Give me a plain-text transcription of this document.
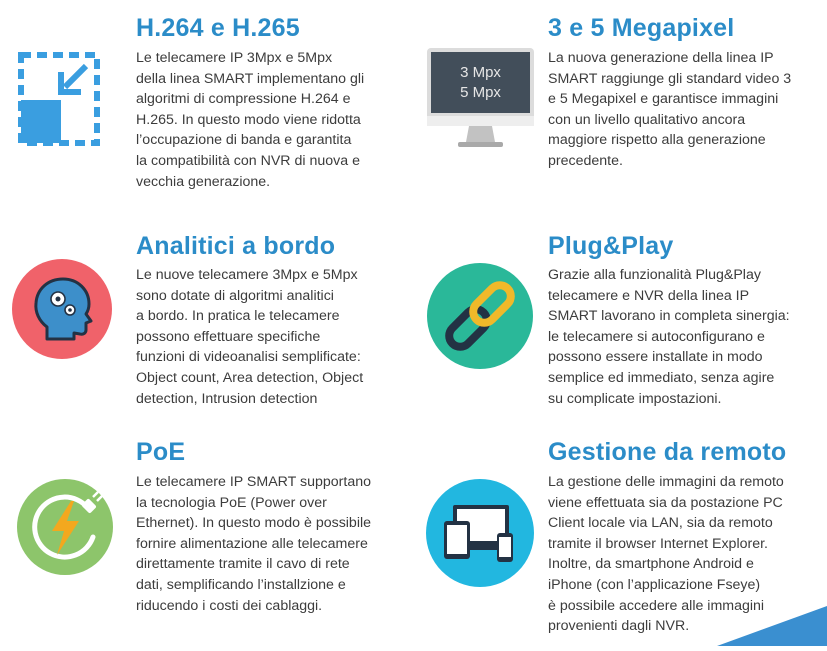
H.264 e H.265

Le telecamere IP 3Mpx e 5Mpx
della linea SMART implementano gli
algoritmi di compressione H.264 e
H.265. In questo modo viene ridotta
l’occupazione di banda e garantita
la compatibilità con NVR di nuova e
vecchia generazione.

3 Mpx
5 Mpx
3 e 5 Megapixel

La nuova generazione della linea IP
SMART raggiunge gli standard video 3
e 5 Megapixel e garantisce immagini
con un livello qualitativo ancora
maggiore rispetto alla generazione
precedente.

Analitici a bordo

Le nuove telecamere 3Mpx e 5Mpx
sono dotate di algoritmi analitici
a bordo. In pratica le telecamere
possono effettuare specifiche
funzioni di videoanalisi semplificate:
Object count, Area detection, Object
detection, Intrusion detection

Plug&Play

Grazie alla funzionalità Plug&Play
telecamere e NVR della linea IP
SMART lavorano in completa sinergia:
le telecamere si autoconfigurano e
possono essere installate in modo
semplice ed immediato, senza agire
su complicate impostazioni.

PoE

Le telecamere IP SMART supportano
la tecnologia PoE (Power over
Ethernet). In questo modo è possibile
fornire alimentazione alle telecamere
direttamente tramite il cavo di rete
dati, semplificando l’installzione e
riducendo i costi dei cablaggi.

Gestione da remoto

La gestione delle immagini da remoto
viene effettuata sia da postazione PC
Client locale via LAN, sia da remoto
tramite il browser Internet Explorer.
Inoltre, da smartphone Android e
iPhone (con l’applicazione Fseye)
è possibile accedere alle immagini
provenienti dagli NVR.
